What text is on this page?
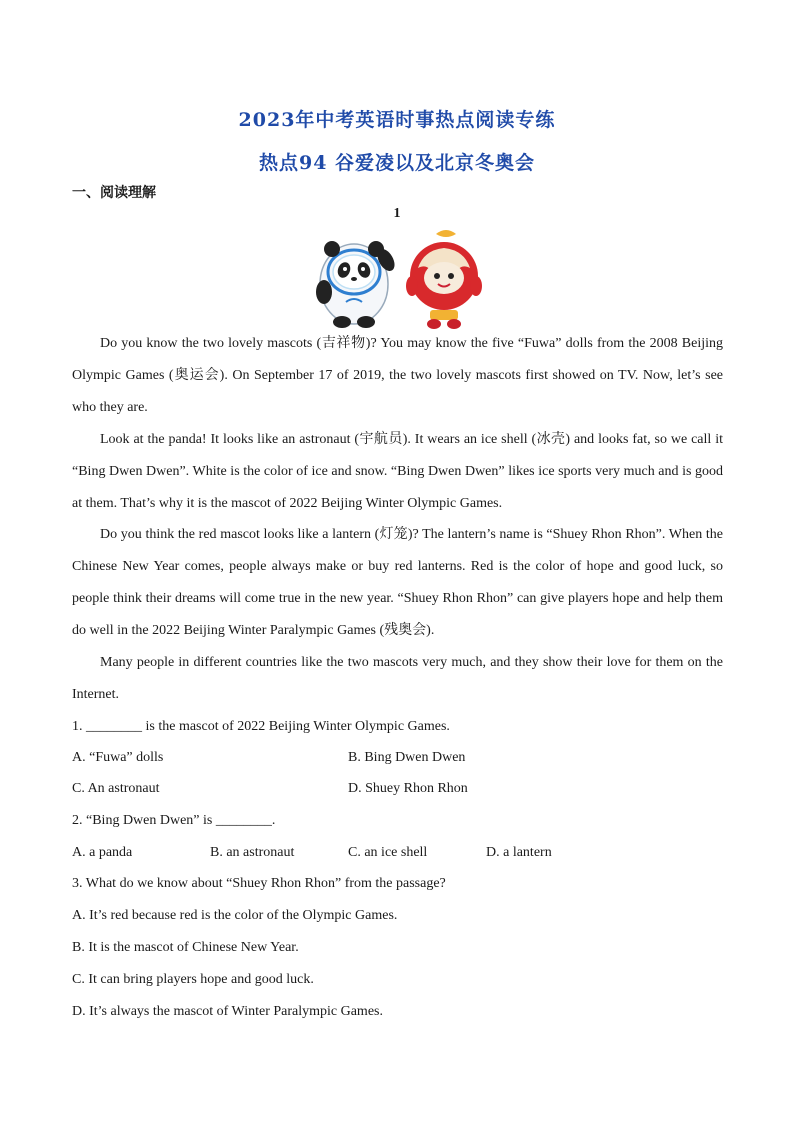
2023年中考英语时事热点阅读专练
热点94 谷爱凌以及北京冬奥会
一、阅读理解
1

Do you know the two lovely mascots (吉祥物)? You may know the five “Fuwa” dolls from the 2008 Beijing Olympic Games (奥运会). On September 17 of 2019, the two lovely mascots first showed on TV. Now, let’s see who they are.

Look at the panda! It looks like an astronaut (宇航员). It wears an ice shell (冰壳) and looks fat, so we call it “Bing Dwen Dwen”. White is the color of ice and snow. “Bing Dwen Dwen” likes ice sports very much and is good at them. That’s why it is the mascot of 2022 Beijing Winter Olympic Games.

Do you think the red mascot looks like a lantern (灯笼)? The lantern’s name is “Shuey Rhon Rhon”. When the Chinese New Year comes, people always make or buy red lanterns. Red is the color of hope and good luck, so people think their dreams will come true in the new year. “Shuey Rhon Rhon” can give players hope and help them do well in the 2022 Beijing Winter Paralympic Games (残奥会).

Many people in different countries like the two mascots very much, and they show their love for them on the Internet.

1. ________ is the mascot of 2022 Beijing Winter Olympic Games.

A. “Fuwa” dolls	B. Bing Dwen Dwen
C. An astronaut	D. Shuey Rhon Rhon

2. “Bing Dwen Dwen” is ________.

A. a panda	B. an astronaut	C. an ice shell	D. a lantern

3. What do we know about “Shuey Rhon Rhon” from the passage?

A. It’s red because red is the color of the Olympic Games.
B. It is the mascot of Chinese New Year.
C. It can bring players hope and good luck.
D. It’s always the mascot of Winter Paralympic Games.
